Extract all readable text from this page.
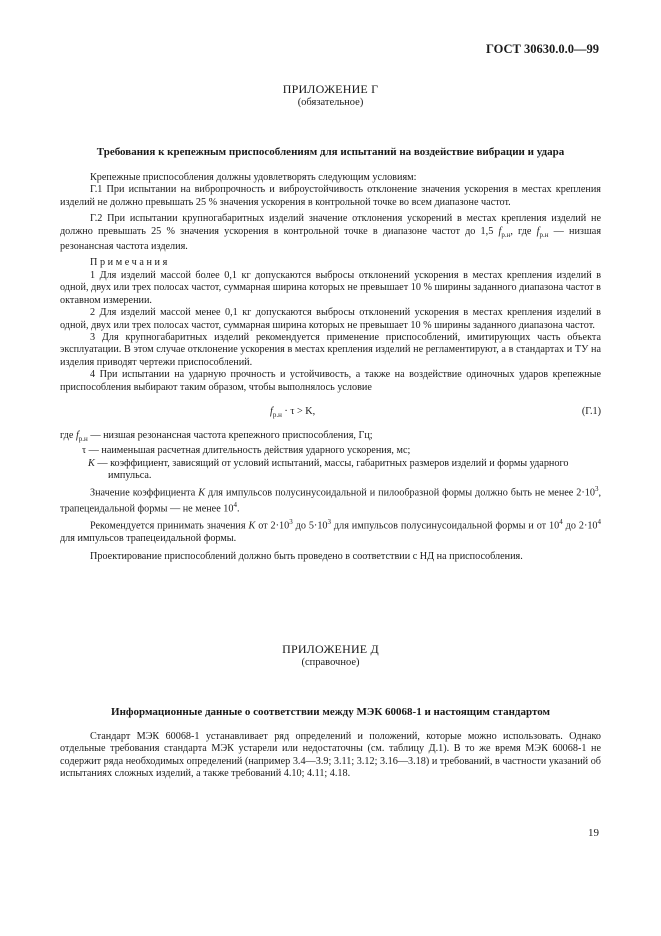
ГОСТ 30630.0.0—99
ПРИЛОЖЕНИЕ Г
(обязательное)
Требования к крепежным приспособлениям для испытаний на воздействие вибрации и удара

Крепежные приспособления должны удовлетворять следующим условиям:

Г.1 При испытании на вибропрочность и виброустойчивость отклонение значения ускорения в местах крепления изделий не должно превышать 25 % значения ускорения в контрольной точке во всем диапазоне частот.

Г.2 При испытании крупногабаритных изделий значение отклонения ускорений в местах крепления изделий не должно превышать 25 % значения ускорения в контрольной точке в диапазоне частот до 1,5 $f_{р.н}$, где $f_{р.н}$ — низшая резонансная частота изделия.

Примечания

1 Для изделий массой более 0,1 кг допускаются выбросы отклонений ускорения в местах крепления изделий в одной, двух или трех полосах частот, суммарная ширина которых не превышает 10 % ширины заданного диапазона частот в октавном измерении.

2 Для изделий массой менее 0,1 кг допускаются выбросы отклонений ускорения в местах крепления изделий в одной, двух или трех полосах частот, суммарная ширина которых не превышает 10 % ширины заданного диапазона частот.

3 Для крупногабаритных изделий рекомендуется применение приспособлений, имитирующих часть объекта эксплуатации. В этом случае отклонение ускорения в местах крепления изделий не регламентируют, а в стандартах и ТУ на изделия приводят чертежи приспособлений.

4 При испытании на ударную прочность и устойчивость, а также на воздействие одиночных ударов крепежные приспособления выбирают таким образом, чтобы выполнялось условие

$f_{р.н} \cdot \tau > K$,	(Г.1)

где $f_{р.н}$ — низшая резонансная частота крепежного приспособления, Гц;

τ — наименьшая расчетная длительность действия ударного ускорения, мс;

K — коэффициент, зависящий от условий испытаний, массы, габаритных размеров изделий и формы ударного импульса.

Значение коэффициента K для импульсов полусинусоидальной и пилообразной формы должно быть не менее $2\cdot 10^3$, трапецеидальной формы — не менее $10^4$.

Рекомендуется принимать значения K от $2\cdot 10^3$ до $5\cdot 10^3$ для импульсов полусинусоидальной формы и от $10^4$ до $2\cdot 10^4$ для импульсов трапецеидальной формы.

Проектирование приспособлений должно быть проведено в соответствии с НД на приспособления.

ПРИЛОЖЕНИЕ Д
(справочное)
Информационные данные о соответствии между МЭК 60068-1 и настоящим стандартом

Стандарт МЭК 60068-1 устанавливает ряд определений и положений, которые можно использовать. Однако отдельные требования стандарта МЭК устарели или недостаточны (см. таблицу Д.1). В то же время МЭК 60068-1 не содержит ряда необходимых определений (например 3.4—3.9; 3.11; 3.12; 3.16—3.18) и требований, в частности указаний об испытаниях сложных изделий, а также требований 4.10; 4.11; 4.18.

19
